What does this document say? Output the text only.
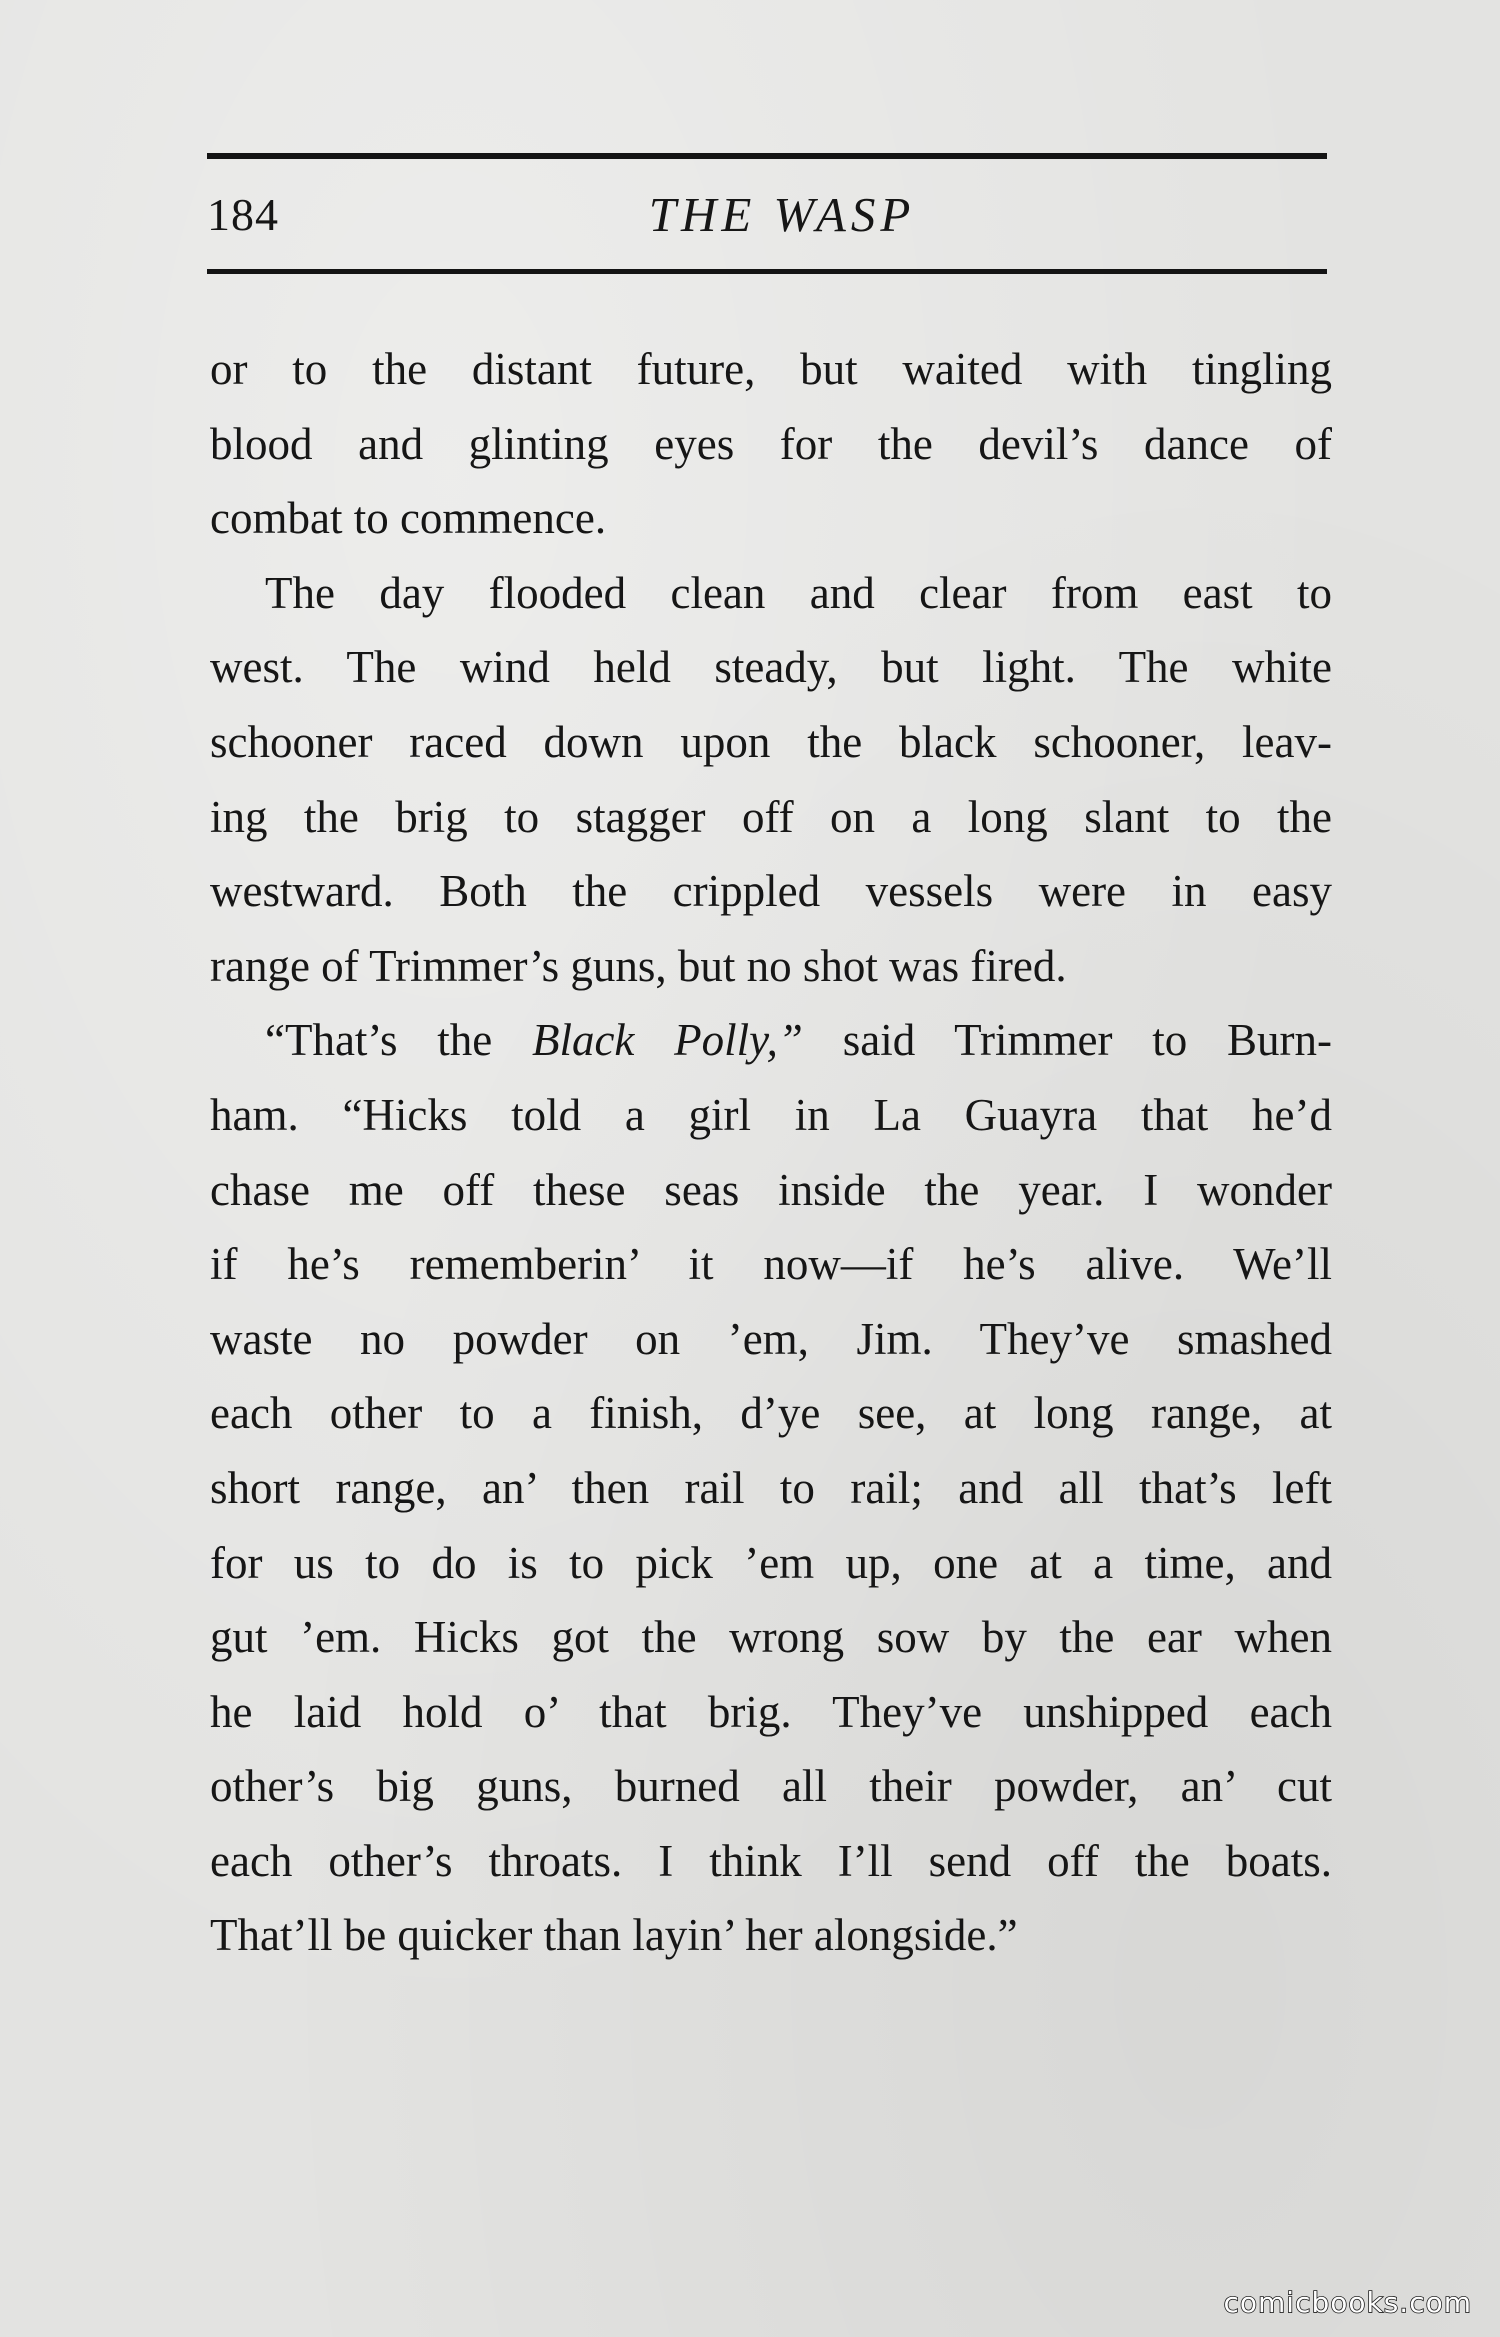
184	THE WASP
or to the distant future, but waited with tingling
blood and glinting eyes for the devil’s dance of
combat to commence.
The day flooded clean and clear from east to
west. The wind held steady, but light. The white
schooner raced down upon the black schooner, leav-
ing the brig to stagger off on a long slant to the
westward. Both the crippled vessels were in easy
range of Trimmer’s guns, but no shot was fired.
“That’s the Black Polly,” said Trimmer to Burn-
ham. “Hicks told a girl in La Guayra that he’d
chase me off these seas inside the year. I wonder
if he’s rememberin’ it now—if he’s alive. We’ll
waste no powder on ’em, Jim. They’ve smashed
each other to a finish, d’ye see, at long range, at
short range, an’ then rail to rail; and all that’s left
for us to do is to pick ’em up, one at a time, and
gut ’em. Hicks got the wrong sow by the ear when
he laid hold o’ that brig. They’ve unshipped each
other’s big guns, burned all their powder, an’ cut
each other’s throats. I think I’ll send off the boats.
That’ll be quicker than layin’ her alongside.”
comicbooks.com
